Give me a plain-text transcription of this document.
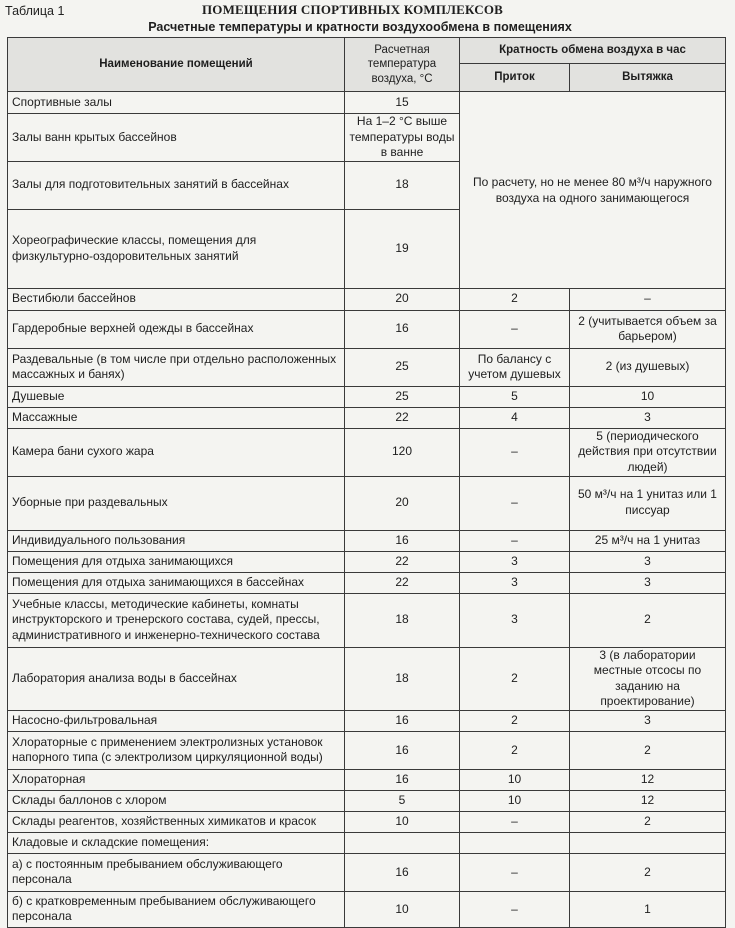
Таблица 1	ПОМЕЩЕНИЯ СПОРТИВНЫХ КОМПЛЕКСОВ
Расчетные температуры и кратности воздухообмена в помещениях
Наименование помещений	Расчетная температура воздуха, °C	Кратность обмена воздуха в час	
		Приток	Вытяжка
Спортивные залы	15	По расчету, но не менее 80 м³/ч наружного воздуха на одного занимающегося	
Залы ванн крытых бассейнов	На 1–2 °C выше температуры воды в ванне		
Залы для подготовительных занятий в бассейнах	18		
Хореографические классы, помещения для физкультурно-оздоровительных занятий	19		
Вестибюли бассейнов	20	2	–
Гардеробные верхней одежды в бассейнах	16	–	2 (учитывается объем за барьером)
Раздевальные (в том числе при отдельно расположенных массажных и банях)	25	По балансу с учетом душевых	2 (из душевых)
Душевые	25	5	10
Массажные	22	4	3
Камера бани сухого жара	120	–	5 (периодического действия при отсутствии людей)
Уборные при раздевальных	20	–	50 м³/ч на 1 унитаз или 1 писсуар
Индивидуального пользования	16	–	25 м³/ч на 1 унитаз
Помещения для отдыха занимающихся	22	3	3
Помещения для отдыха занимающихся в бассейнах	22	3	3
Учебные классы, методические кабинеты, комнаты инструкторского и тренерского состава, судей, прессы, административного и инженерно-технического состава	18	3	2
Лаборатория анализа воды в бассейнах	18	2	3 (в лаборатории местные отсосы по заданию на проектирование)
Насосно-фильтровальная	16	2	3
Хлораторные с применением электролизных установок напорного типа (с электролизом циркуляционной воды)	16	2	2
Хлораторная	16	10	12
Склады баллонов с хлором	5	10	12
Склады реагентов, хозяйственных химикатов и красок	10	–	2
Кладовые и складские помещения:			
а) с постоянным пребыванием обслуживающего персонала	16	–	2
б) с кратковременным пребыванием обслуживающего персонала	10	–	1
